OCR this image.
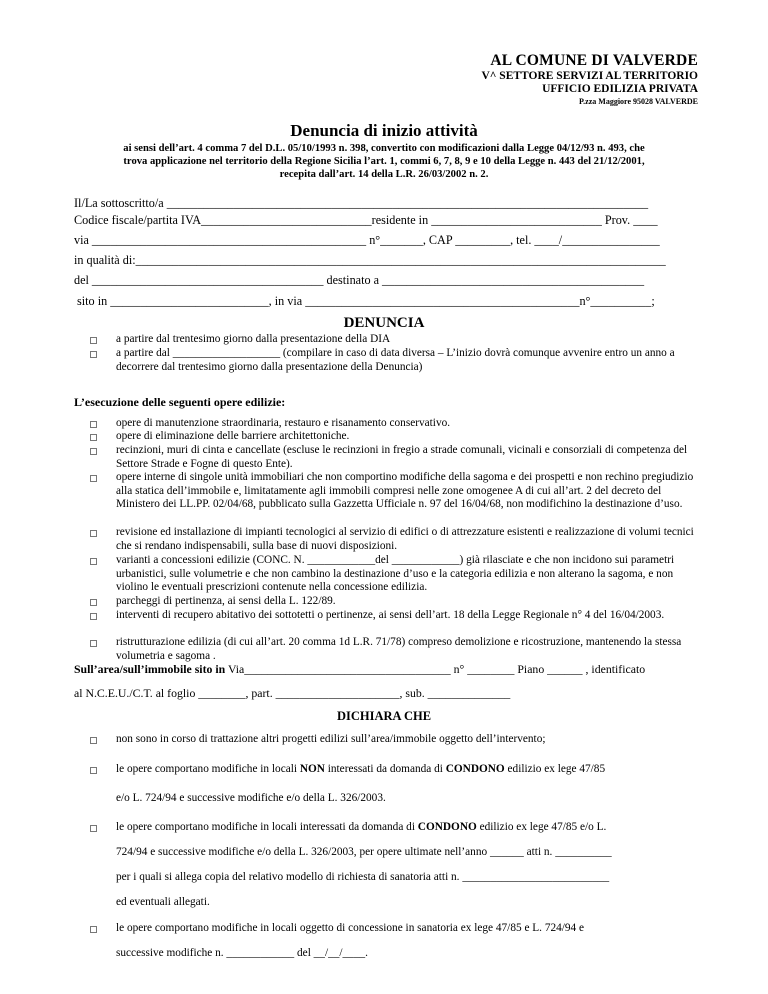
AL COMUNE DI VALVERDE
V^ SETTORE SERVIZI AL TERRITORIO
UFFICIO EDILIZIA PRIVATA
P.zza Maggiore 95028 VALVERDE
Denuncia di inizio attività
ai sensi dell’art. 4 comma 7 del D.L. 05/10/1993 n. 398, convertito con modificazioni dalla Legge 04/12/93 n. 493, che trova applicazione nel territorio della Regione Sicilia l’art. 1, commi 6, 7, 8, 9 e 10 della Legge n. 443 del 21/12/2001, recepita dall’art. 14 della L.R. 26/03/2002 n. 2.
Il/La sottoscritto/a _______________________________________________________________________________
Codice fiscale/partita IVA____________________________residente in ____________________________ Prov. ____
via _____________________________________________ n°_______, CAP _________, tel. ____/________________
in qualità di:_______________________________________________________________________________________
del ______________________________________ destinato a ___________________________________________
sito in __________________________, in via _____________________________________________n°__________;
DENUNCIA
a partire dal trentesimo giorno dalla presentazione della DIA
a partire dal ___________________ (compilare in caso di data diversa – L’inizio dovrà comunque avvenire entro un anno a decorrere dal trentesimo giorno dalla presentazione della Denuncia)
L’esecuzione delle seguenti opere edilizie:
opere di manutenzione straordinaria, restauro e risanamento conservativo.
opere di eliminazione delle barriere architettoniche.
recinzioni, muri di cinta e cancellate (escluse le recinzioni in fregio a strade comunali, vicinali e consorziali di competenza del Settore Strade e Fogne di questo Ente).
opere interne di singole unità immobiliari che non comportino modifiche della sagoma e dei prospetti e non rechino pregiudizio alla statica dell’immobile e, limitatamente agli immobili compresi nelle zone omogenee A di cui all’art. 2 del decreto del Ministero dei LL.PP. 02/04/68, pubblicato sulla Gazzetta Ufficiale n. 97 del 16/04/68, non modifichino la destinazione d’uso.
revisione ed installazione di impianti tecnologici al servizio di edifici o di attrezzature esistenti e realizzazione di volumi tecnici che si rendano indispensabili, sulla base di nuovi disposizioni.
varianti a concessioni edilizie (CONC. N. ____________del ____________) già rilasciate e che non incidono sui parametri urbanistici, sulle volumetrie e che non cambino la destinazione d’uso e la categoria edilizia e non alterano la sagoma, e non violino le eventuali prescrizioni contenute nella concessione edilizia.
parcheggi di pertinenza, ai sensi della L. 122/89.
interventi di recupero abitativo dei sottotetti o pertinenze, ai sensi dell’art. 18 della Legge Regionale n° 4 del 16/04/2003.
ristrutturazione edilizia (di cui all’art. 20 comma 1d L.R. 71/78) compreso demolizione e ricostruzione, mantenendo la stessa volumetria e sagoma .
Sull’area/sull’immobile sito in Via___________________________________ n° ________ Piano ______ , identificato
al N.C.E.U./C.T. al foglio ________, part. _____________________, sub. ______________
DICHIARA CHE
non sono in corso di trattazione altri progetti edilizi sull’area/immobile oggetto dell’intervento;
le opere comportano modifiche in locali NON interessati da domanda di CONDONO edilizio ex lege 47/85
e/o L. 724/94 e successive modifiche e/o della L. 326/2003.
le opere comportano modifiche in locali interessati da domanda di CONDONO edilizio ex lege 47/85 e/o L.
724/94 e successive modifiche e/o della L. 326/2003, per opere ultimate nell’anno ______ atti n. __________
per i quali si allega copia del relativo modello di richiesta di sanatoria atti n. __________________________
ed eventuali allegati.
le opere comportano modifiche in locali oggetto di concessione in sanatoria ex lege 47/85 e L. 724/94 e
successive modifiche n. ____________ del __/__/____.
